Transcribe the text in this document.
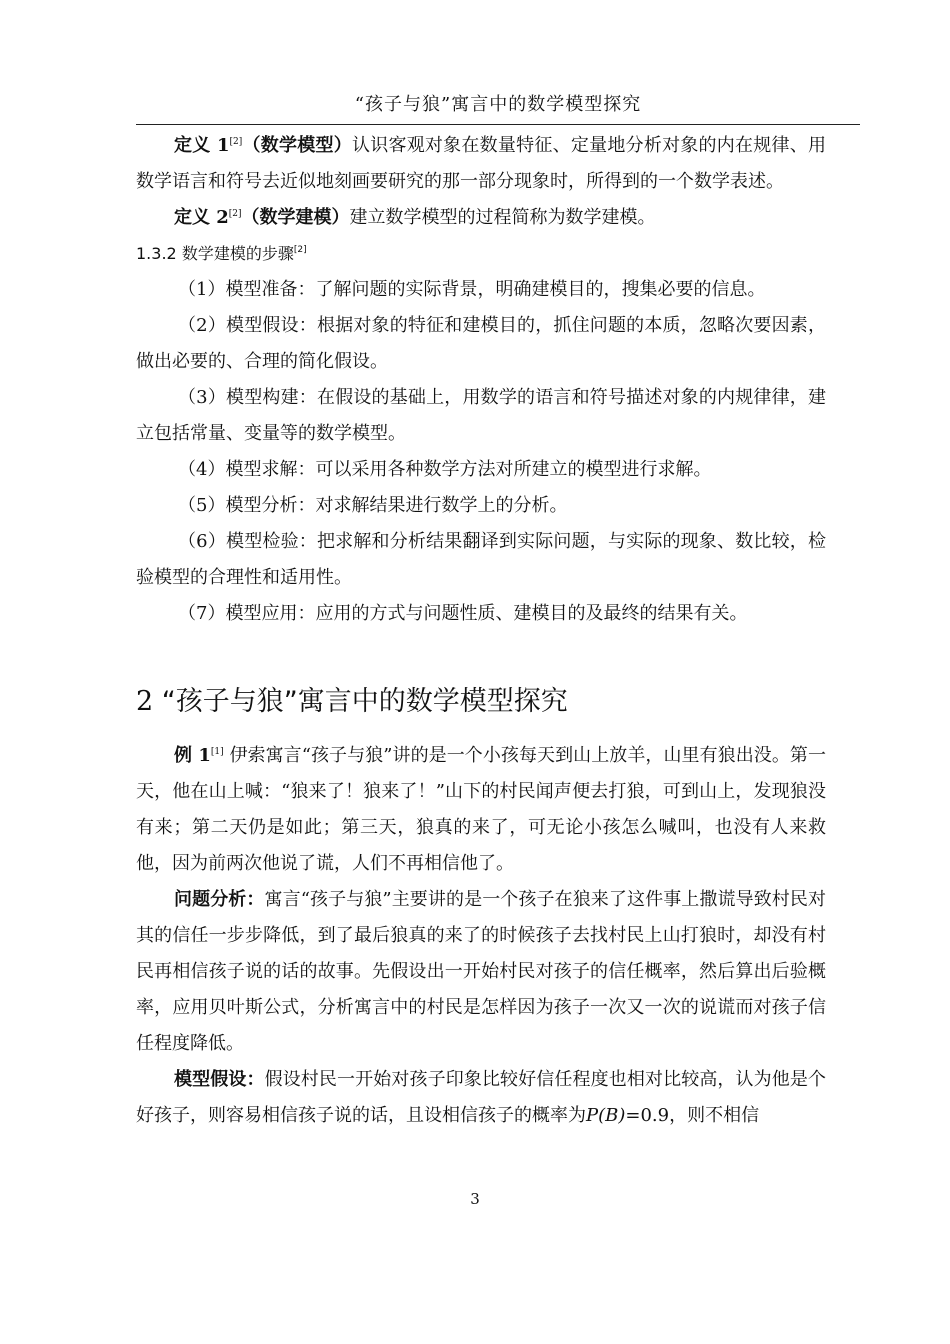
“孩子与狼”寓言中的数学模型探究

定义 1[2]（数学模型）认识客观对象在数量特征、定量地分析对象的内在规律、用数学语言和符号去近似地刻画要研究的那一部分现象时，所得到的一个数学表述。

定义 2[2]（数学建模）建立数学模型的过程简称为数学建模。

1.3.2 数学建模的步骤[2]

（1）模型准备：了解问题的实际背景，明确建模目的，搜集必要的信息。

（2）模型假设：根据对象的特征和建模目的，抓住问题的本质，忽略次要因素，做出必要的、合理的简化假设。

（3）模型构建：在假设的基础上，用数学的语言和符号描述对象的内规律律，建立包括常量、变量等的数学模型。

（4）模型求解：可以采用各种数学方法对所建立的模型进行求解。

（5）模型分析：对求解结果进行数学上的分析。

（6）模型检验：把求解和分析结果翻译到实际问题，与实际的现象、数比较，检验模型的合理性和适用性。

（7）模型应用：应用的方式与问题性质、建模目的及最终的结果有关。

2 “孩子与狼”寓言中的数学模型探究

例 1[1] 伊索寓言“孩子与狼”讲的是一个小孩每天到山上放羊，山里有狼出没。第一天，他在山上喊：“狼来了！狼来了！”山下的村民闻声便去打狼，可到山上，发现狼没有来；第二天仍是如此；第三天，狼真的来了，可无论小孩怎么喊叫，也没有人来救他，因为前两次他说了谎，人们不再相信他了。

问题分析：寓言“孩子与狼”主要讲的是一个孩子在狼来了这件事上撒谎导致村民对其的信任一步步降低，到了最后狼真的来了的时候孩子去找村民上山打狼时，却没有村民再相信孩子说的话的故事。先假设出一开始村民对孩子的信任概率，然后算出后验概率，应用贝叶斯公式，分析寓言中的村民是怎样因为孩子一次又一次的说谎而对孩子信任程度降低。

模型假设：假设村民一开始对孩子印象比较好信任程度也相对比较高，认为他是个好孩子，则容易相信孩子说的话，且设相信孩子的概率为P(B)=0.9，则不相信

3
